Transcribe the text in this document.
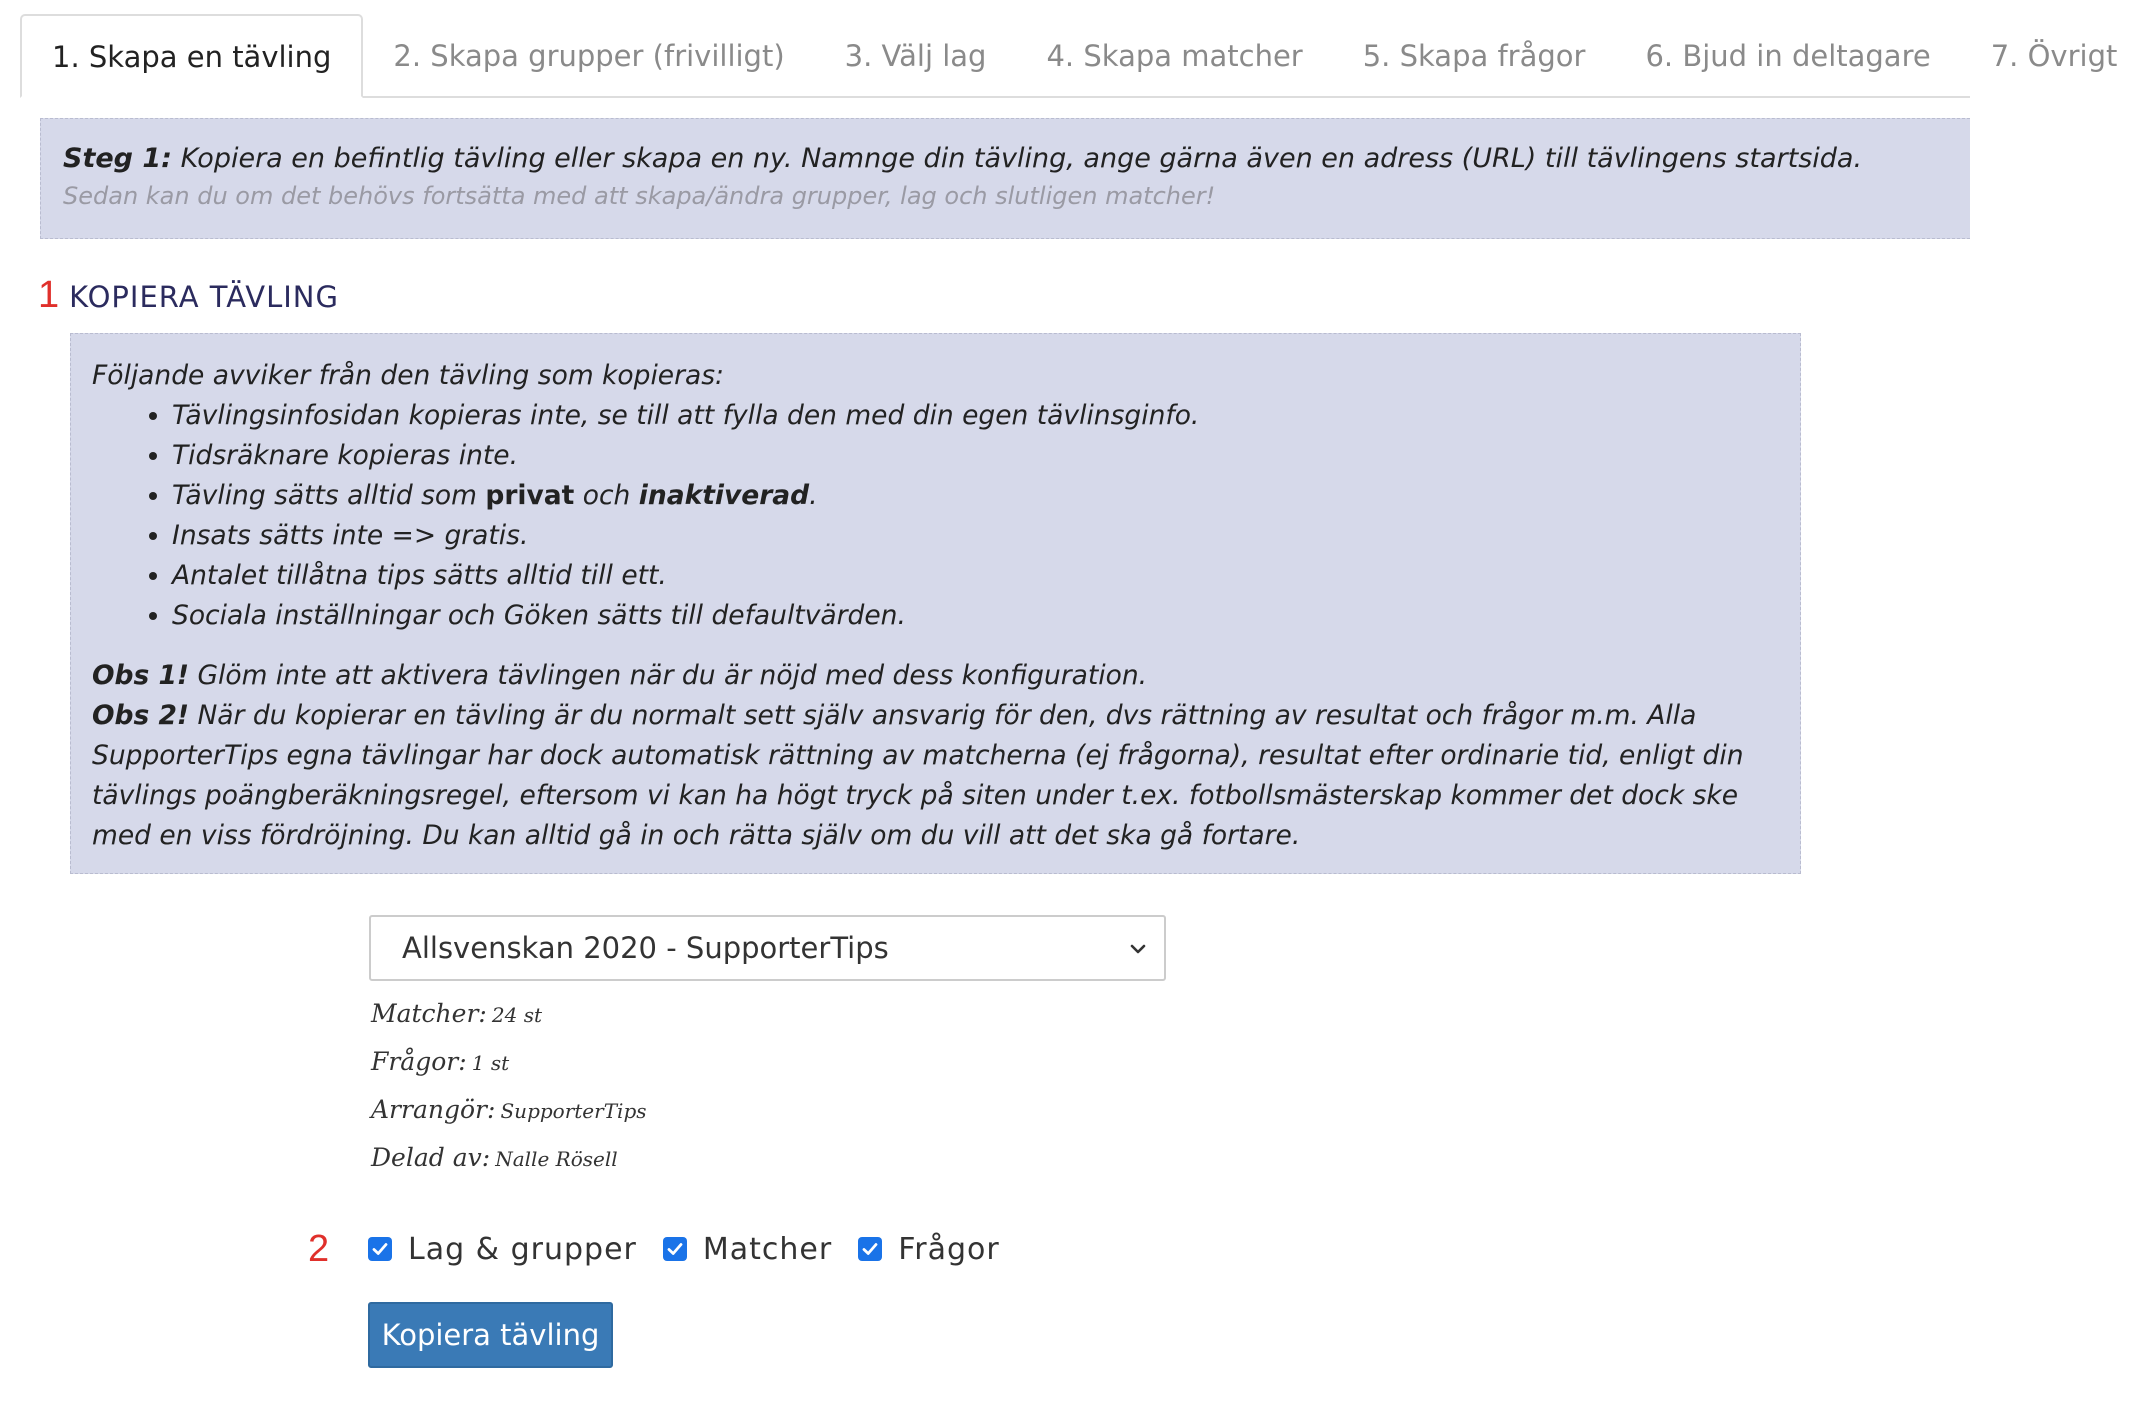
1. Skapa en tävling	2. Skapa grupper (frivilligt)	3. Välj lag	4. Skapa matcher	5. Skapa frågor	6. Bjud in deltagare	7. Övrigt
Steg 1: Kopiera en befintlig tävling eller skapa en ny. Namnge din tävling, ange gärna även en adress (URL) till tävlingens startsida.
Sedan kan du om det behövs fortsätta med att skapa/ändra grupper, lag och slutligen matcher!
1 KOPIERA TÄVLING
Följande avviker från den tävling som kopieras:
• Tävlingsinfosidan kopieras inte, se till att fylla den med din egen tävlinsginfo.
• Tidsräknare kopieras inte.
• Tävling sätts alltid som privat och inaktiverad.
• Insats sätts inte => gratis.
• Antalet tillåtna tips sätts alltid till ett.
• Sociala inställningar och Göken sätts till defaultvärden.
Obs 1! Glöm inte att aktivera tävlingen när du är nöjd med dess konfiguration.
Obs 2! När du kopierar en tävling är du normalt sett själv ansvarig för den, dvs rättning av resultat och frågor m.m. Alla SupporterTips egna tävlingar har dock automatisk rättning av matcherna (ej frågorna), resultat efter ordinarie tid, enligt din tävlings poängberäkningsregel, eftersom vi kan ha högt tryck på siten under t.ex. fotbollsmästerskap kommer det dock ske med en viss fördröjning. Du kan alltid gå in och rätta själv om du vill att det ska gå fortare.
Allsvenskan 2020 - SupporterTips
Matcher: 24 st
Frågor: 1 st
Arrangör: SupporterTips
Delad av: Nalle Rösell
2	Lag & grupper Matcher Frågor
Kopiera tävling
